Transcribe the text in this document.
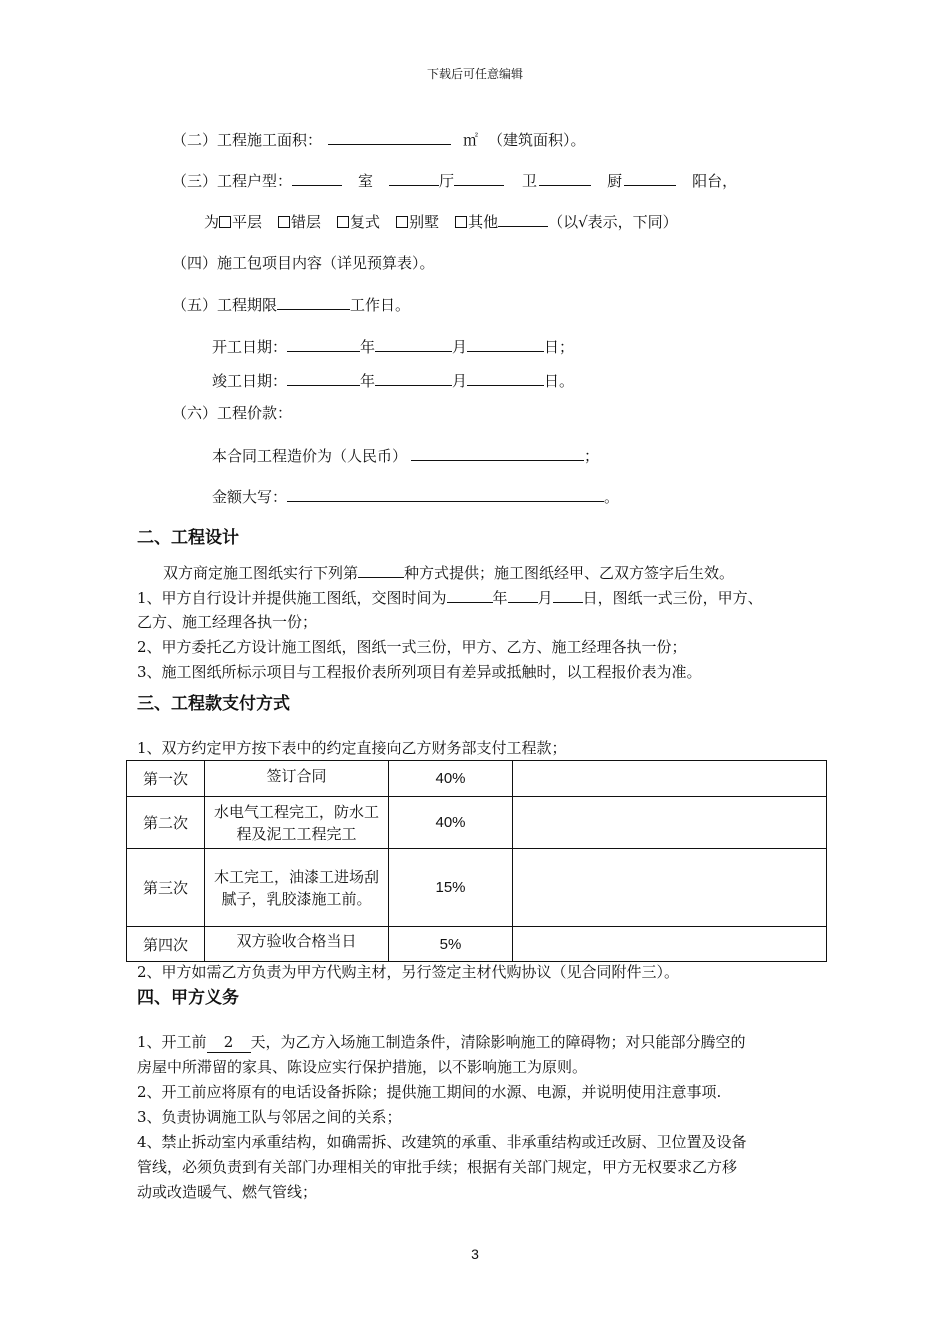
下载后可任意编辑
（二）工程施工面积：	㎡ （建筑面积）。
（三）工程户型：	室	厅	卫	厨	阳台，
为 平层 错层 复式 别墅 其他	（以√表示，下同）
（四）施工包项目内容（详见预算表）。
（五）工程期限	工作日。
开工日期：	年	月	日；
竣工日期：	年	月	日。
（六）工程价款：
本合同工程造价为（人民币）	；
金额大写：	。
二、工程设计
双方商定施工图纸实行下列第	种方式提供；施工图纸经甲、乙双方签字后生效。
1、甲方自行设计并提供施工图纸，交图时间为	年 月 日，图纸一式三份，甲方、
乙方、施工经理各执一份；
2、甲方委托乙方设计施工图纸，图纸一式三份，甲方、乙方、施工经理各执一份；
3、施工图纸所标示项目与工程报价表所列项目有差异或抵触时，以工程报价表为准。
三、工程款支付方式
1、双方约定甲方按下表中的约定直接向乙方财务部支付工程款；
第一次	签订合同	40%	
第二次	水电气工程完工，防水工程及泥工工程完工	40%	
第三次	木工完工，油漆工进场刮腻子，乳胶漆施工前。	15%	
第四次	双方验收合格当日	5%	
2、甲方如需乙方负责为甲方代购主材，另行签定主材代购协议（见合同附件三）。
四、甲方义务
1、开工前 2 天，为乙方入场施工制造条件，清除影响施工的障碍物；对只能部分腾空的
房屋中所滞留的家具、陈设应实行保护措施，以不影响施工为原则。
2、开工前应将原有的电话设备拆除；提供施工期间的水源、电源，并说明使用注意事项.
3、负责协调施工队与邻居之间的关系；
4、禁止拆动室内承重结构，如确需拆、改建筑的承重、非承重结构或迁改厨、卫位置及设备
管线，必须负责到有关部门办理相关的审批手续；根据有关部门规定，甲方无权要求乙方移
动或改造暖气、燃气管线；
3
